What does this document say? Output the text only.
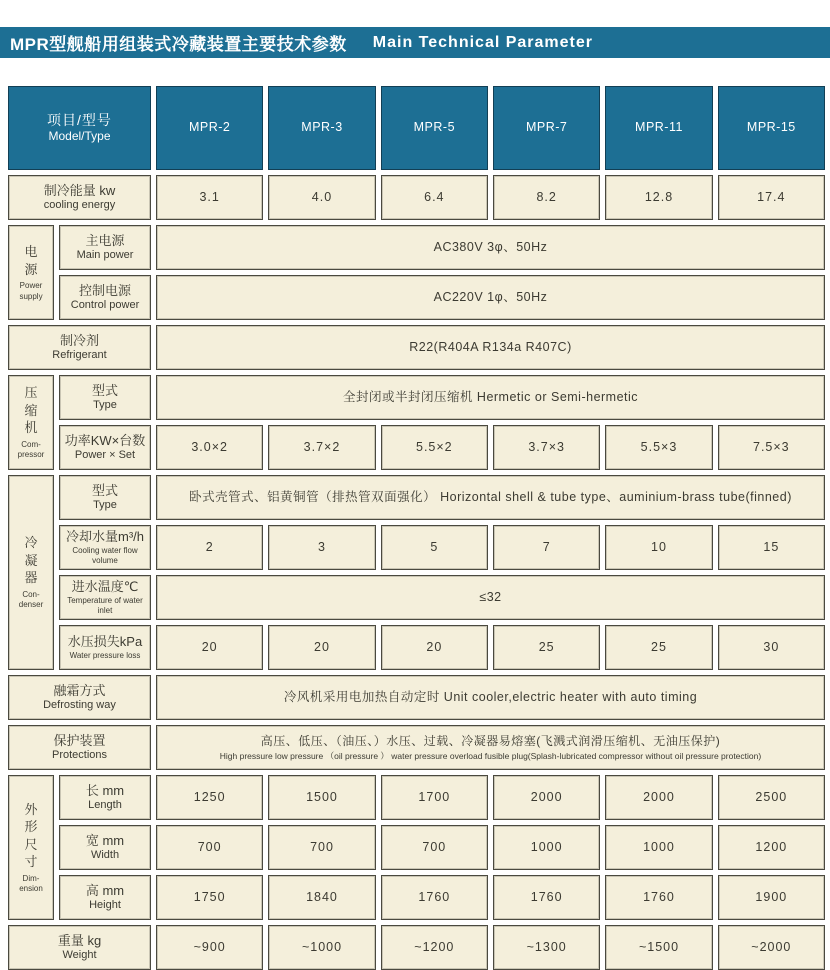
MPR型舰船用组装式冷藏装置主要技术参数 Main Technical Parameter
项目/型号
Model/Type
MPR-2	MPR-3	MPR-5	MPR-7	MPR-11	MPR-15
制冷能量 kw
cooling energy
3.1	4.0	6.4	8.2	12.8	17.4
电源
Power supply
主电源
Main power
AC380V 3φ、50Hz
控制电源
Control power
AC220V 1φ、50Hz
制冷剂
Refrigerant
R22(R404A R134a R407C)
压缩机
Com-pressor
型式
Type
全封闭或半封闭压缩机 Hermetic or Semi-hermetic
功率KW×台数
Power × Set
3.0×2	3.7×2	5.5×2	3.7×3	5.5×3	7.5×3
冷凝器
Con-denser
型式
Type
卧式壳管式、铝黄铜管（排热管双面强化） Horizontal shell & tube type、auminium-brass tube(finned)
冷却水量m³/h
Cooling water flow volume
2	3	5	7	10	15
进水温度℃
Temperature of water inlet
≤32
水压损失kPa
Water pressure loss
20	20	20	25	25	30
融霜方式
Defrosting way
冷风机采用电加热自动定时 Unit cooler,electric heater with auto timing
保护装置
Protections
高压、低压、（油压、）水压、过载、冷凝器易熔塞(飞溅式润滑压缩机、无油压保护)
High pressure low pressure （oil pressure ） water pressure overload fusible plug(Splash-lubricated compressor without oil pressure protection)
外形尺寸
Dim-ension
长 mm
Length
1250	1500	1700	2000	2000	2500
宽 mm
Width
700	700	700	1000	1000	1200
高 mm
Height
1750	1840	1760	1760	1760	1900
重量 kg
Weight
~900	~1000	~1200	~1300	~1500	~2000
